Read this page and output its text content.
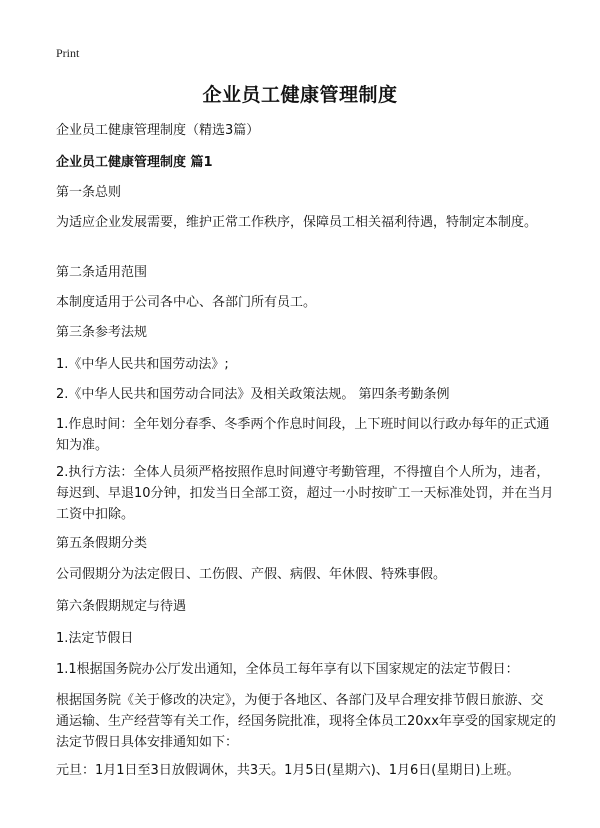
Print
企业员工健康管理制度

企业员工健康管理制度（精选3篇）

企业员工健康管理制度 篇1

第一条总则

为适应企业发展需要，维护正常工作秩序，保障员工相关福利待遇，特制定本制度。

第二条适用范围

本制度适用于公司各中心、各部门所有员工。

第三条参考法规

1.《中华人民共和国劳动法》;

2.《中华人民共和国劳动合同法》及相关政策法规。 第四条考勤条例

1.作息时间：全年划分春季、冬季两个作息时间段，上下班时间以行政办每年的正式通知为准。

2.执行方法：全体人员须严格按照作息时间遵守考勤管理，不得擅自个人所为，违者，每迟到、早退10分钟，扣发当日全部工资，超过一小时按旷工一天标准处罚，并在当月工资中扣除。

第五条假期分类

公司假期分为法定假日、工伤假、产假、病假、年休假、特殊事假。

第六条假期规定与待遇

1.法定节假日

1.1根据国务院办公厅发出通知，全体员工每年享有以下国家规定的法定节假日：

根据国务院《关于修改的决定》，为便于各地区、各部门及早合理安排节假日旅游、交通运输、生产经营等有关工作，经国务院批准，现将全体员工20xx年享受的国家规定的法定节假日具体安排通知如下：

元旦：1月1日至3日放假调休，共3天。1月5日(星期六)、1月6日(星期日)上班。
